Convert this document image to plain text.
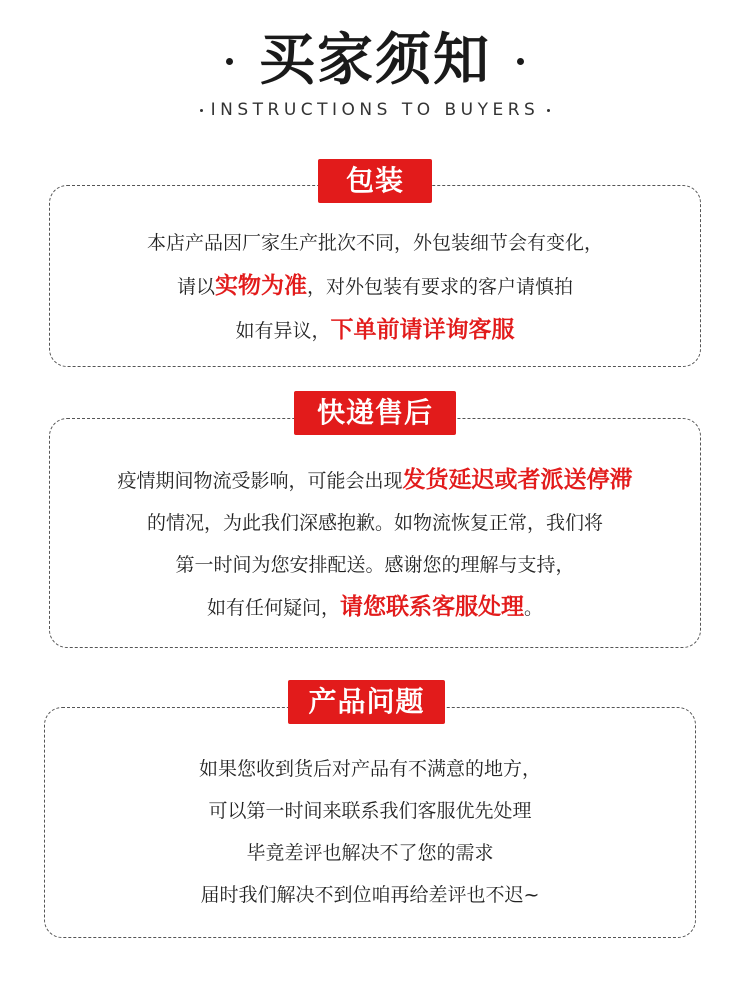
买家须知
INSTRUCTIONS TO BUYERS
本店产品因厂家生产批次不同，外包装细节会有变化，
请以实物为准，对外包装有要求的客户请慎拍
如有异议，下单前请详询客服
包装
疫情期间物流受影响，可能会出现发货延迟或者派送停滞
的情况，为此我们深感抱歉。如物流恢复正常，我们将
第一时间为您安排配送。感谢您的理解与支持，
如有任何疑问，请您联系客服处理。
快递售后
如果您收到货后对产品有不满意的地方，
可以第一时间来联系我们客服优先处理
毕竟差评也解决不了您的需求
届时我们解决不到位咱再给差评也不迟~
产品问题
